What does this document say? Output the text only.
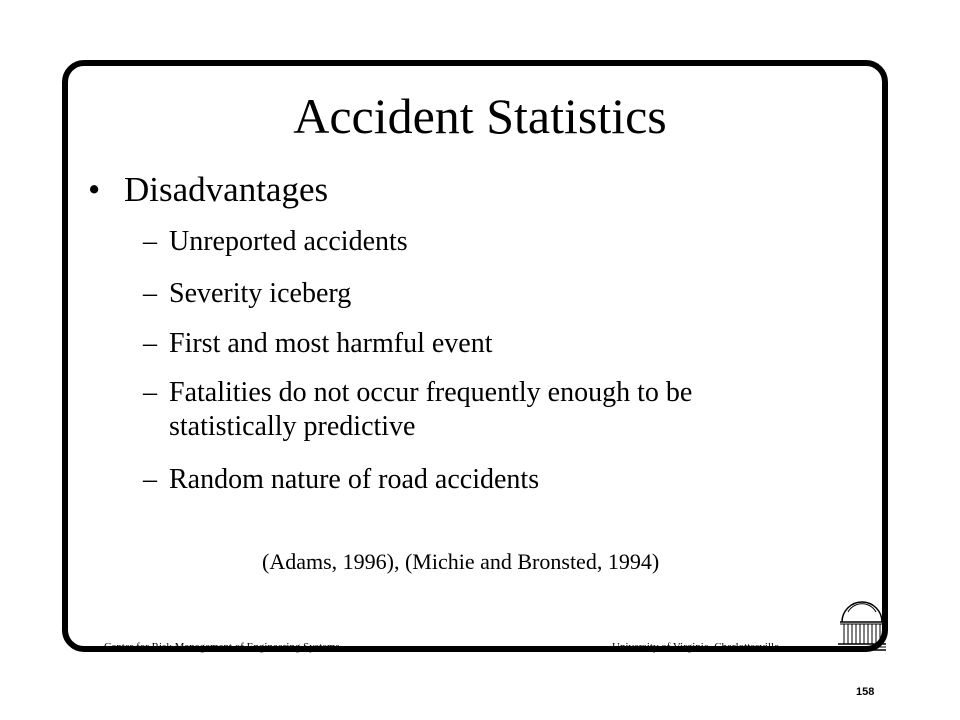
Accident Statistics
• Disadvantages
– Unreported accidents
– Severity iceberg
– First and most harmful event
– Fatalities do not occur frequently enough to be statistically predictive
– Random nature of road accidents
(Adams, 1996), (Michie and Bronsted, 1994)
Center for Risk Management of Engineering Systems	University of Virginia, Charlottesville
158
